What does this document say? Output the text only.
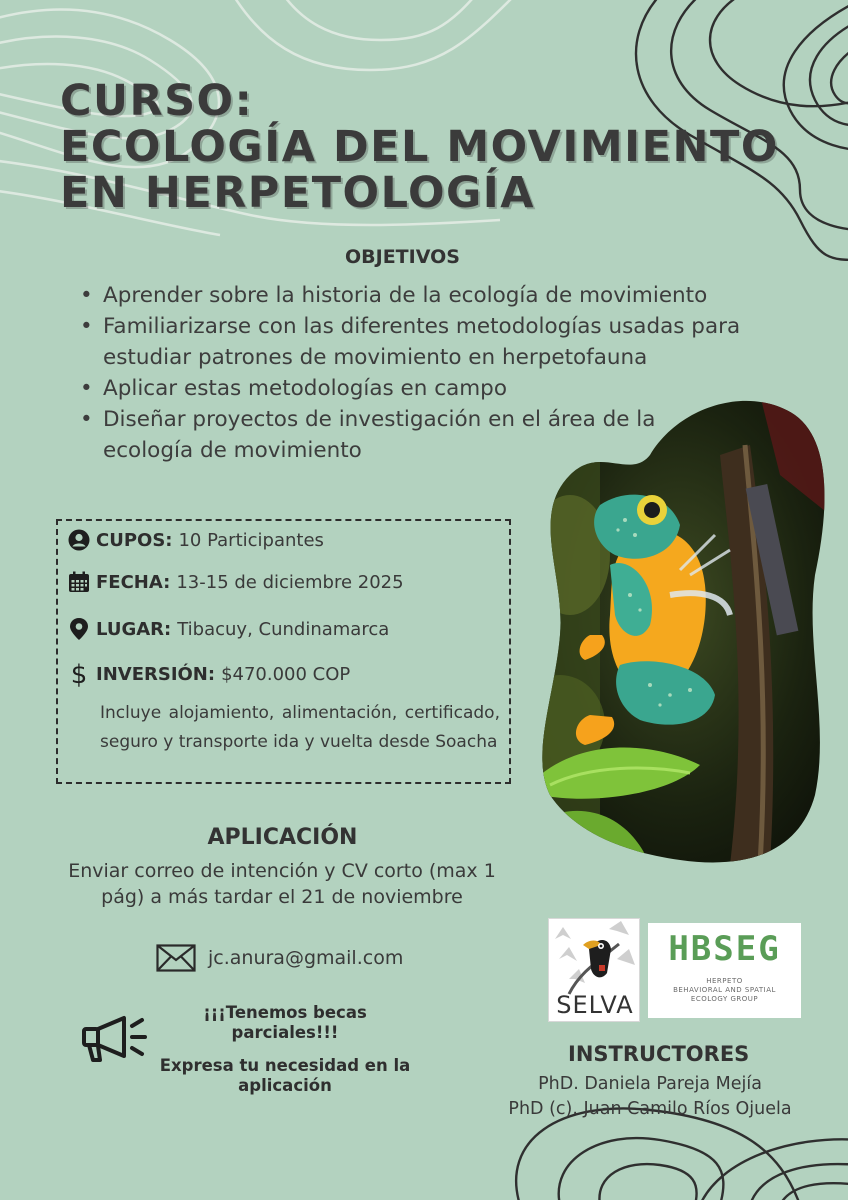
CURSO:
ECOLOGÍA DEL MOVIMIENTO
EN HERPETOLOGÍA
OBJETIVOS
• Aprender sobre la historia de la ecología de movimiento
• Familiarizarse con las diferentes metodologías usadas para estudiar patrones de movimiento en herpetofauna
• Aplicar estas metodologías en campo
• Diseñar proyectos de investigación en el área de la ecología de movimiento
CUPOS: 10 Participantes
FECHA: 13-15 de diciembre 2025
LUGAR: Tibacuy, Cundinamarca
$ INVERSIÓN: $470.000 COP
Incluye alojamiento, alimentación, certificado, seguro y transporte ida y vuelta desde Soacha
APLICACIÓN

Enviar correo de intención y CV corto (max 1 pág) a más tardar el 21 de noviembre

jc.anura@gmail.com

¡¡¡Tenemos becas parciales!!!

Expresa tu necesidad en la aplicación

SELVA
HBSEG
HERPETO
BEHAVIORAL AND SPATIAL
ECOLOGY GROUP
INSTRUCTORES
PhD. Daniela Pareja Mejía
PhD (c). Juan Camilo Ríos Ojuela
